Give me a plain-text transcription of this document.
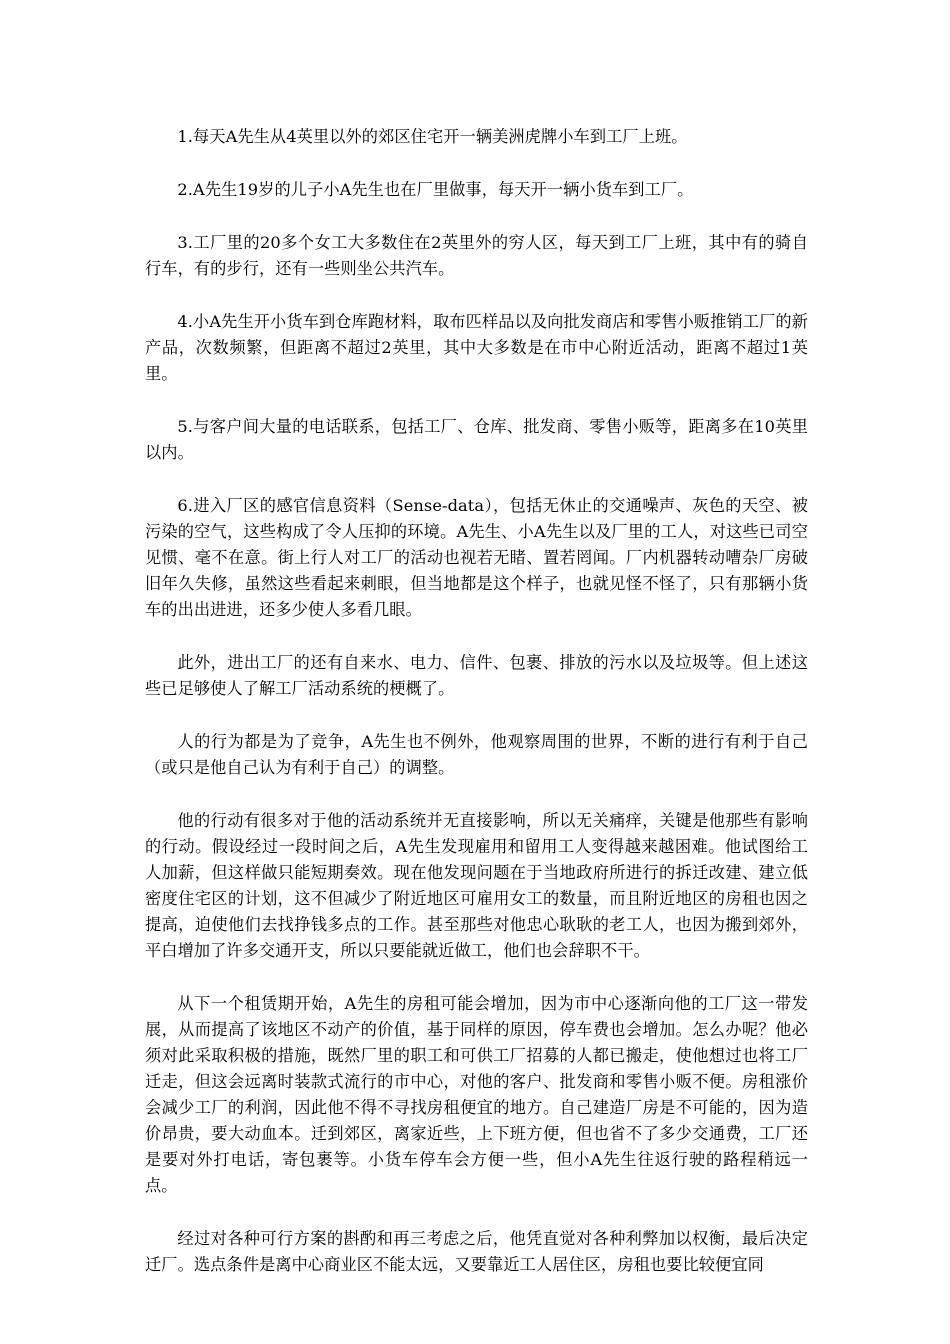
1.每天A先生从4英里以外的郊区住宅开一辆美洲虎牌小车到工厂上班。

2.A先生19岁的儿子小A先生也在厂里做事，每天开一辆小货车到工厂。

3.工厂里的20多个女工大多数住在2英里外的穷人区，每天到工厂上班，其中有的骑自行车，有的步行，还有一些则坐公共汽车。

4.小A先生开小货车到仓库跑材料，取布匹样品以及向批发商店和零售小贩推销工厂的新产品，次数频繁，但距离不超过2英里，其中大多数是在市中心附近活动，距离不超过1英里。

5.与客户间大量的电话联系，包括工厂、仓库、批发商、零售小贩等，距离多在10英里以内。

6.进入厂区的感官信息资料（Sense-data），包括无休止的交通噪声、灰色的天空、被污染的空气，这些构成了令人压抑的环境。A先生、小A先生以及厂里的工人，对这些已司空见惯、毫不在意。街上行人对工厂的活动也视若无睹、置若罔闻。厂内机器转动嘈杂厂房破旧年久失修，虽然这些看起来刺眼，但当地都是这个样子，也就见怪不怪了，只有那辆小货车的出出进进，还多少使人多看几眼。

此外，进出工厂的还有自来水、电力、信件、包裹、排放的污水以及垃圾等。但上述这些已足够使人了解工厂活动系统的梗概了。

人的行为都是为了竞争，A先生也不例外，他观察周围的世界，不断的进行有利于自己（或只是他自己认为有利于自己）的调整。

他的行动有很多对于他的活动系统并无直接影响，所以无关痛痒，关键是他那些有影响的行动。假设经过一段时间之后，A先生发现雇用和留用工人变得越来越困难。他试图给工人加薪，但这样做只能短期奏效。现在他发现问题在于当地政府所进行的拆迁改建、建立低密度住宅区的计划，这不但减少了附近地区可雇用女工的数量，而且附近地区的房租也因之提高，迫使他们去找挣钱多点的工作。甚至那些对他忠心耿耿的老工人，也因为搬到郊外，平白增加了许多交通开支，所以只要能就近做工，他们也会辞职不干。

从下一个租赁期开始，A先生的房租可能会增加，因为市中心逐渐向他的工厂这一带发展，从而提高了该地区不动产的价值，基于同样的原因，停车费也会增加。怎么办呢？他必须对此采取积极的措施，既然厂里的职工和可供工厂招募的人都已搬走，使他想过也将工厂迁走，但这会远离时装款式流行的市中心，对他的客户、批发商和零售小贩不便。房租涨价会减少工厂的利润，因此他不得不寻找房租便宜的地方。自己建造厂房是不可能的，因为造价昂贵，要大动血本。迁到郊区，离家近些，上下班方便，但也省不了多少交通费，工厂还是要对外打电话，寄包裹等。小货车停车会方便一些，但小A先生往返行驶的路程稍远一点。

经过对各种可行方案的斟酌和再三考虑之后，他凭直觉对各种利弊加以权衡，最后决定迁厂。选点条件是离中心商业区不能太远，又要靠近工人居住区，房租也要比较便宜同
